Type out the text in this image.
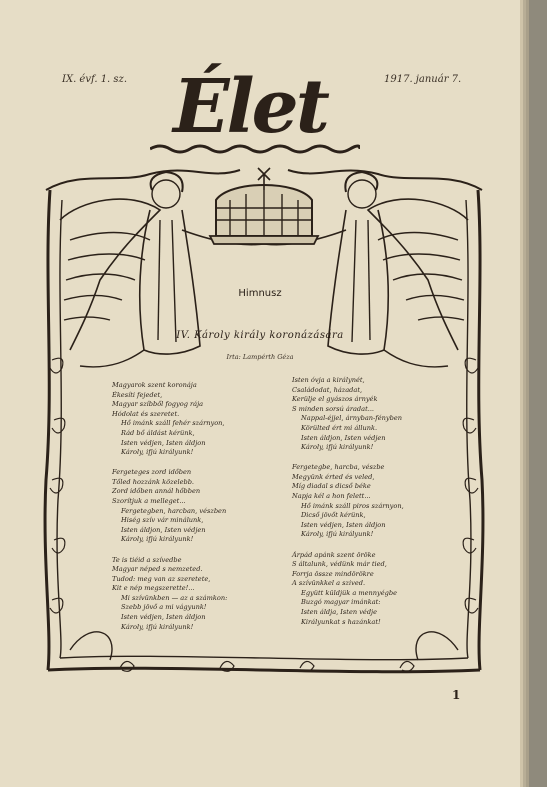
IX. évf. 1. sz.	1917. január 7.
Élet
Himnusz
IV. Károly király koronázására
Irta: Lampérth Géza
Magyarok szent koronája
Ékesíti fejedet,
Magyar szíbből fogyog rája
Hódolat és szeretet.
Hő imánk száll fehér szárnyon,
Rád bő áldást kérünk,
Isten védjen, Isten áldjon
Károly, ifjú királyunk!
Fergeteges zord időben
Tőled hozzánk közelebb.
Zord időben annál hőbben
Szorítjuk a melleget...
Fergetegben, harcban, vészben
Hiség szív vár minálunk,
Isten áldjon, Isten védjen
Károly, ifjú királyunk!
Te is tiéid a szívedbe
Magyar néped s nemzeted.
Tudod: meg van az szeretete,
Kit e nép megszerette!...
Mi szívünkben — az a számkon:
Szebb jövő a mi vágyunk!
Isten védjen, Isten áldjon
Károly, ifjú királyunk!
Isten óvja a királynét,
Családodat, házadat,
Kerülje el gyászos árnyék
S minden sorsú áradat...
Nappal-éjjel, árnyban-fényben
Körülted ért mi állunk.
Isten áldjon, Isten védjen
Károly, ifjú királyunk!
Fergetegbe, harcba, vészbe
Megyünk érted és veled,
Míg diadal s dicső béke
Napja kél a hon felett...
Hő imánk száll piros szárnyon,
Dicső jövőt kérünk,
Isten védjen, Isten áldjon
Károly, ifjú királyunk!
Árpád apánk szent öröke
S általunk, védünk már tied,
Forrja össze mindörökre
A szívünkkel a szived.
Együtt küldjük a mennyégbe
Buzgó magyar imánkat:
Isten áldja, Isten védje
Királyunkat s hazánkat!
1
